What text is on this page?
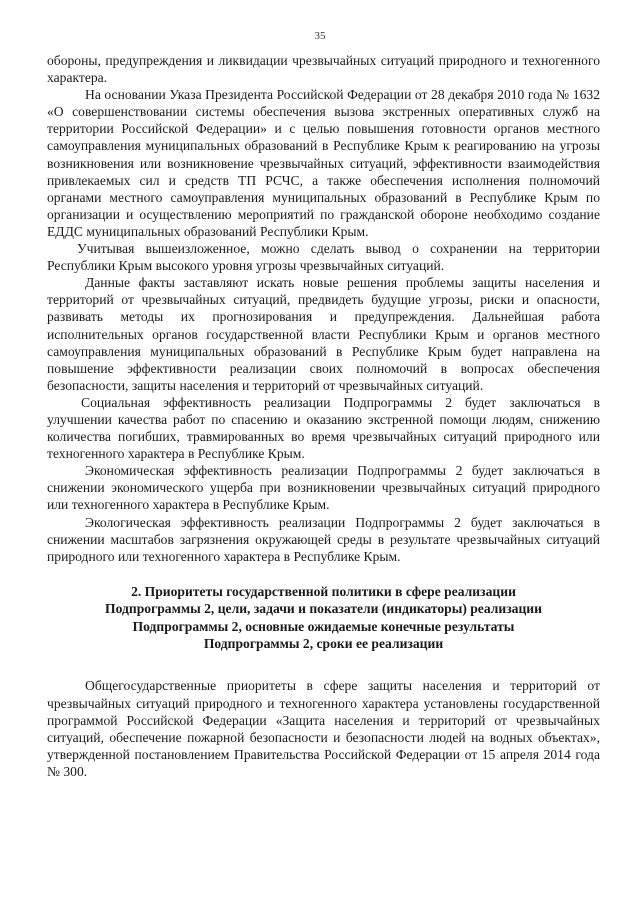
35

обороны, предупреждения и ликвидации чрезвычайных ситуаций природного и техногенного характера.

На основании Указа Президента Российской Федерации от 28 декабря 2010 года № 1632 «О совершенствовании системы обеспечения вызова экстренных оперативных служб на территории Российской Федерации» и с целью повышения готовности органов местного самоуправления муниципальных образований в Республике Крым к реагированию на угрозы возникновения или возникновение чрезвычайных ситуаций, эффективности взаимодействия привлекаемых сил и средств ТП РСЧС, а также обеспечения исполнения полномочий органами местного самоуправления муниципальных образований в Республике Крым по организации и осуществлению мероприятий по гражданской обороне необходимо создание ЕДДС муниципальных образований Республики Крым.

Учитывая вышеизложенное, можно сделать вывод о сохранении на территории Республики Крым высокого уровня угрозы чрезвычайных ситуаций.

Данные факты заставляют искать новые решения проблемы защиты населения и территорий от чрезвычайных ситуаций, предвидеть будущие угрозы, риски и опасности, развивать методы их прогнозирования и предупреждения. Дальнейшая работа исполнительных органов государственной власти Республики Крым и органов местного самоуправления муниципальных образований в Республике Крым будет направлена на повышение эффективности реализации своих полномочий в вопросах обеспечения безопасности, защиты населения и территорий от чрезвычайных ситуаций.

Социальная эффективность реализации Подпрограммы 2 будет заключаться в улучшении качества работ по спасению и оказанию экстренной помощи людям, снижению количества погибших, травмированных во время чрезвычайных ситуаций природного или техногенного характера в Республике Крым.

Экономическая эффективность реализации Подпрограммы 2 будет заключаться в снижении экономического ущерба при возникновении чрезвычайных ситуаций природного или техногенного характера в Республике Крым.

Экологическая эффективность реализации Подпрограммы 2 будет заключаться в снижении масштабов загрязнения окружающей среды в результате чрезвычайных ситуаций природного или техногенного характера в Республике Крым.

2. Приоритеты государственной политики в сфере реализации
Подпрограммы 2, цели, задачи и показатели (индикаторы) реализации
Подпрограммы 2, основные ожидаемые конечные результаты
Подпрограммы 2, сроки ее реализации

Общегосударственные приоритеты в сфере защиты населения и территорий от чрезвычайных ситуаций природного и техногенного характера установлены государственной программой Российской Федерации «Защита населения и территорий от чрезвычайных ситуаций, обеспечение пожарной безопасности и безопасности людей на водных объектах», утвержденной постановлением Правительства Российской Федерации от 15 апреля 2014 года № 300.
